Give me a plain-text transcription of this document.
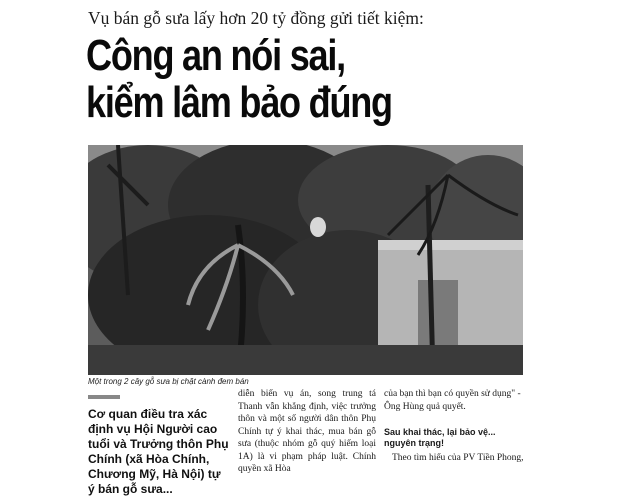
Vụ bán gỗ sưa lấy hơn 20 tỷ đồng gửi tiết kiệm:
Công an nói sai,
kiểm lâm bảo đúng
Một trong 2 cây gỗ sưa bị chặt cành đem bán
Cơ quan điều tra xác định vụ Hội Người cao tuổi và Trưởng thôn Phụ Chính (xã Hòa Chính, Chương Mỹ, Hà Nội) tự ý bán gỗ sưa...

diễn biến vụ án, song trung tá Thanh vẫn khẳng định, việc trưởng thôn và một số người dân thôn Phụ Chính tự ý khai thác, mua bán gỗ sưa (thuộc nhóm gỗ quý hiếm loại 1A) là vi phạm pháp luật. Chính quyền xã Hòa

của bạn thì bạn có quyền sử dụng" - Ông Hùng quả quyết.

Sau khai thác, lại bảo vệ... nguyên trạng!
Theo tìm hiểu của PV Tiền Phong,
